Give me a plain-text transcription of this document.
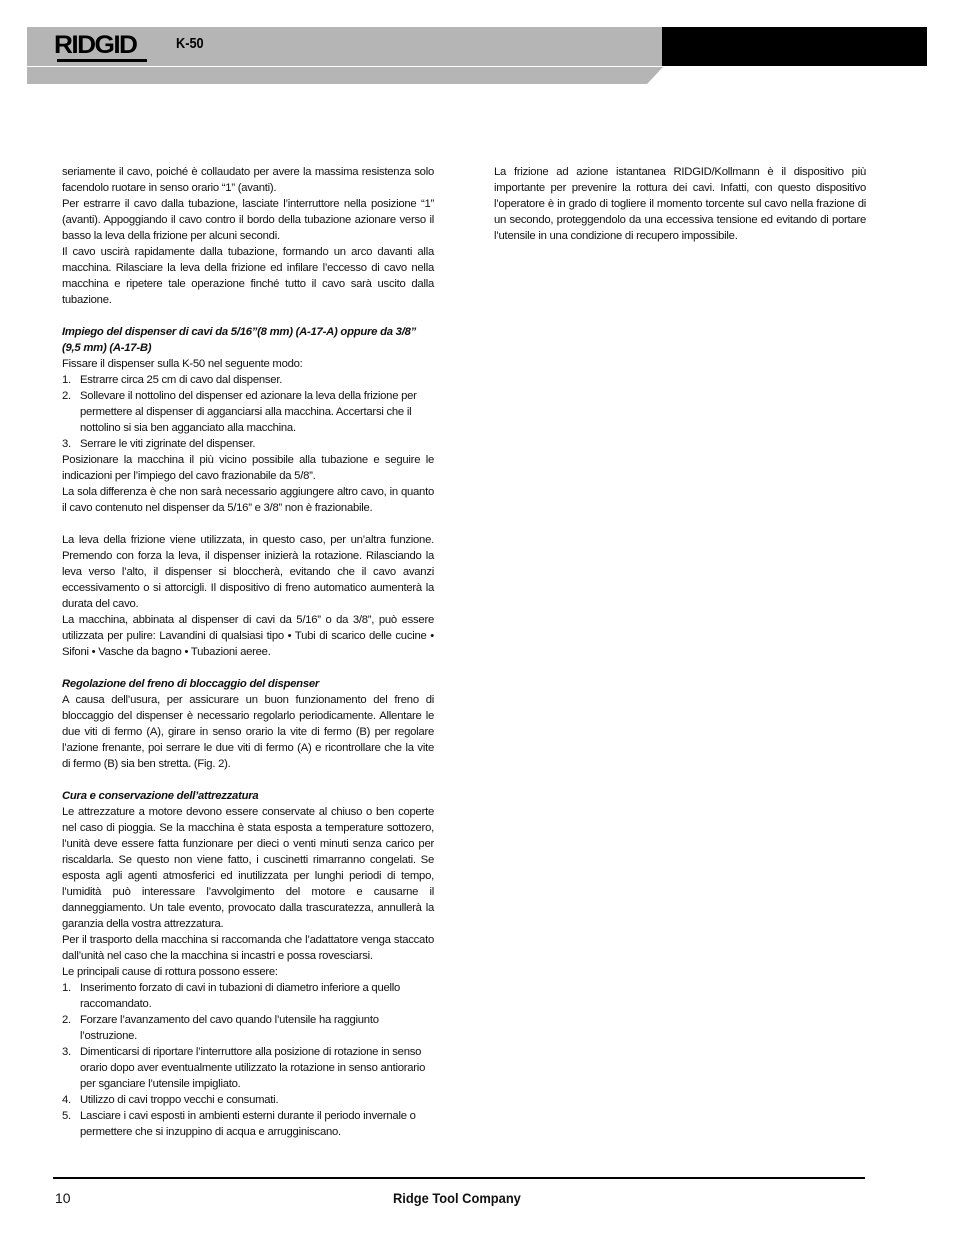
RIDGID	K-50

seriamente il cavo, poiché è collaudato per avere la massima resistenza solo facendolo ruotare in senso orario “1” (avanti).

Per estrarre il cavo dalla tubazione, lasciate l’interruttore nella posizione “1” (avanti). Appoggiando il cavo contro il bordo della tubazione azionare verso il basso la leva della frizione per alcuni secondi.

Il cavo uscirà rapidamente dalla tubazione, formando un arco davanti alla macchina. Rilasciare la leva della frizione ed infilare l’eccesso di cavo nella macchina e ripetere tale operazione finché tutto il cavo sarà uscito dalla tubazione.

Impiego del dispenser di cavi da 5/16”(8 mm) (A-17-A) oppure da 3/8” (9,5 mm) (A-17-B)

Fissare il dispenser sulla K-50 nel seguente modo:

1. Estrarre circa 25 cm di cavo dal dispenser.
2. Sollevare il nottolino del dispenser ed azionare la leva della frizione per permettere al dispenser di agganciarsi alla macchina. Accertarsi che il nottolino si sia ben agganciato alla macchina.
3. Serrare le viti zigrinate del dispenser.

Posizionare la macchina il più vicino possibile alla tubazione e seguire le indicazioni per l’impiego del cavo frazionabile da 5/8”.

La sola differenza è che non sarà necessario aggiungere altro cavo, in quanto il cavo contenuto nel dispenser da 5/16” e 3/8” non è frazionabile.

La leva della frizione viene utilizzata, in questo caso, per un’altra funzione. Premendo con forza la leva, il dispenser inizierà la rotazione. Rilasciando la leva verso l’alto, il dispenser si bloccherà, evitando che il cavo avanzi eccessivamento o si attorcigli. Il dispositivo di freno automatico aumenterà la durata del cavo.

La macchina, abbinata al dispenser di cavi da 5/16” o da 3/8”, può essere utilizzata per pulire: Lavandini di qualsiasi tipo • Tubi di scarico delle cucine • Sifoni • Vasche da bagno • Tubazioni aeree.

Regolazione del freno di bloccaggio del dispenser

A causa dell’usura, per assicurare un buon funzionamento del freno di bloccaggio del dispenser è necessario regolarlo periodicamente. Allentare le due viti di fermo (A), girare in senso orario la vite di fermo (B) per regolare l’azione frenante, poi serrare le due viti di fermo (A) e ricontrollare che la vite di fermo (B) sia ben stretta. (Fig. 2).

Cura e conservazione dell’attrezzatura

Le attrezzature a motore devono essere conservate al chiuso o ben coperte nel caso di pioggia. Se la macchina è stata esposta a temperature sottozero, l’unità deve essere fatta funzionare per dieci o venti minuti senza carico per riscaldarla. Se questo non viene fatto, i cuscinetti rimarranno congelati. Se esposta agli agenti atmosferici ed inutilizzata per lunghi periodi di tempo, l’umidità può interessare l’avvolgimento del motore e causarne il danneggiamento. Un tale evento, provocato dalla trascuratezza, annullerà la garanzia della vostra attrezzatura.

Per il trasporto della macchina si raccomanda che l’adattatore venga staccato dall’unità nel caso che la macchina si incastri e possa rovesciarsi.

Le principali cause di rottura possono essere:

1. Inserimento forzato di cavi in tubazioni di diametro inferiore a quello raccomandato.
2. Forzare l’avanzamento del cavo quando l’utensile ha raggiunto l’ostruzione.
3. Dimenticarsi di riportare l’interruttore alla posizione di rotazione in senso orario dopo aver eventualmente utilizzato la rotazione in senso antiorario per sganciare l’utensile impigliato.
4. Utilizzo di cavi troppo vecchi e consumati.
5. Lasciare i cavi esposti in ambienti esterni durante il periodo invernale o permettere che si inzuppino di acqua e arrugginiscano.

La frizione ad azione istantanea RIDGID/Kollmann è il dispositivo più importante per prevenire la rottura dei cavi. Infatti, con questo dispositivo l’operatore è in grado di togliere il momento torcente sul cavo nella frazione di un secondo, proteggendolo da una eccessiva tensione ed evitando di portare l’utensile in una condizione di recupero impossibile.

10	Ridge Tool Company
